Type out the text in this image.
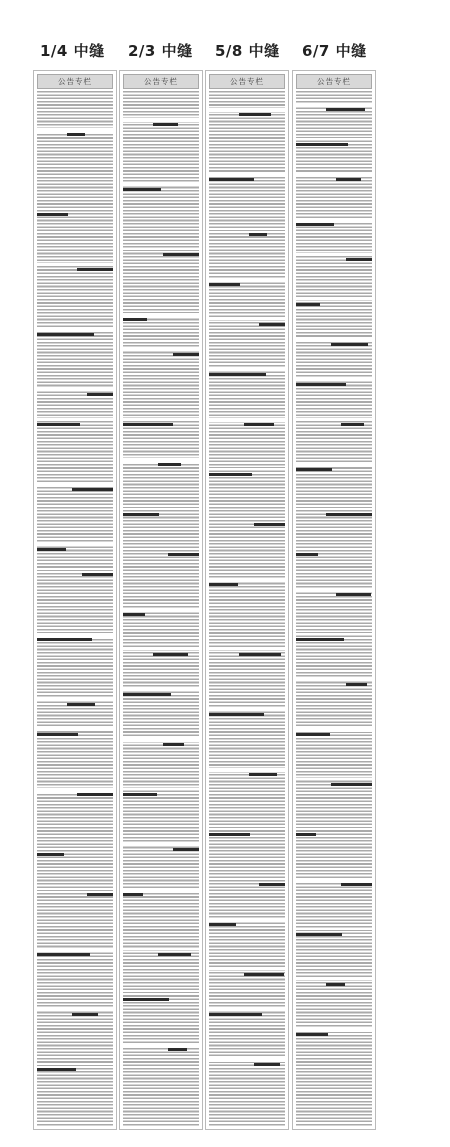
1/4 中缝 2/3 中缝 5/8 中缝 6/7 中缝
公告专栏	公告专栏	公告专栏	公告专栏
